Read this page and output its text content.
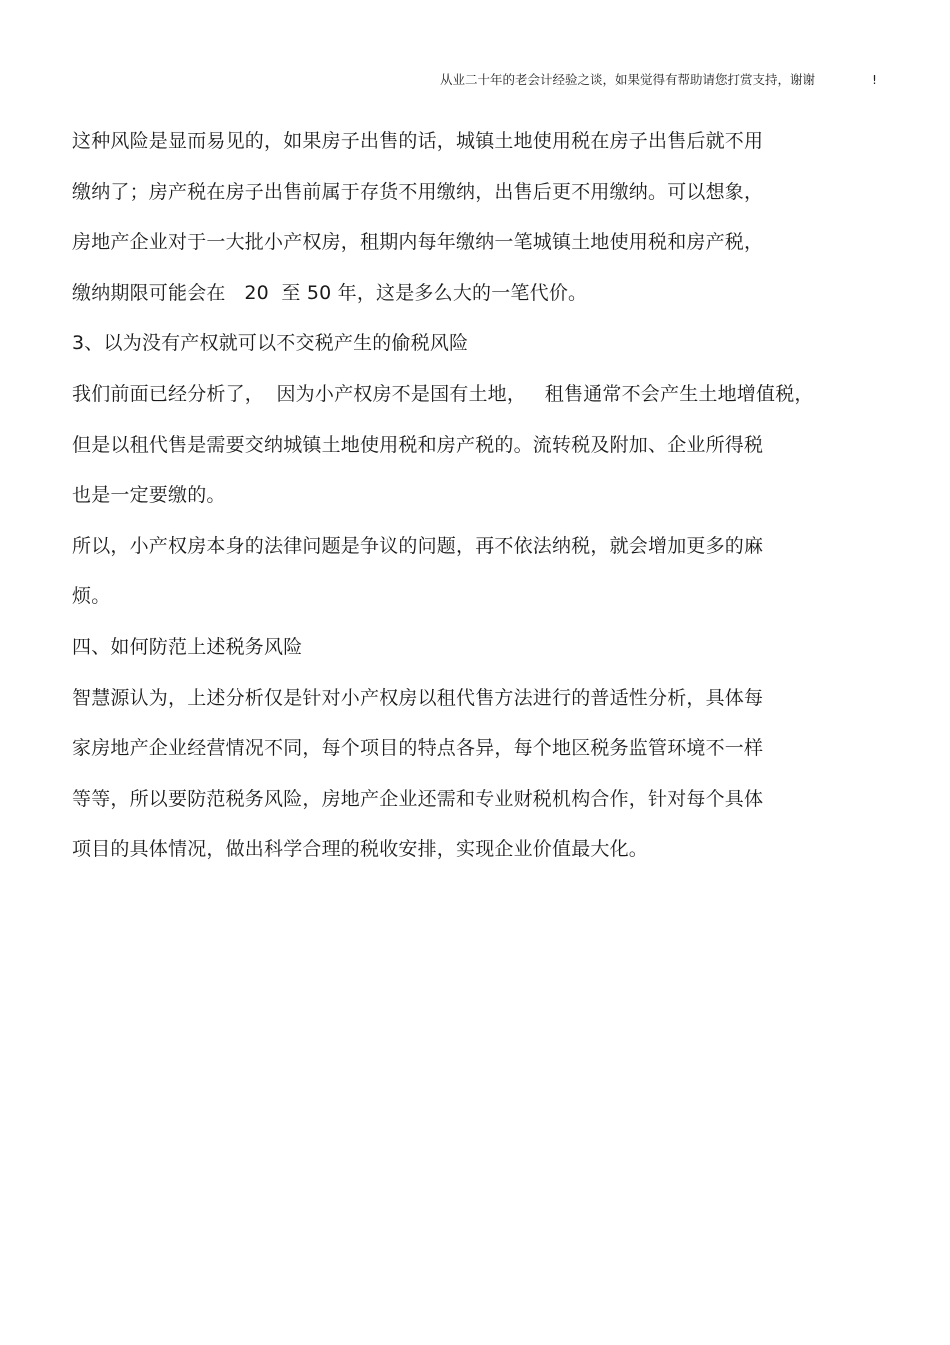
从业二十年的老会计经验之谈，如果觉得有帮助请您打赏支持，谢谢	!
这种风险是显而易见的，如果房子出售的话，城镇土地使用税在房子出售后就不用
缴纳了；房产税在房子出售前属于存货不用缴纳，出售后更不用缴纳。可以想象，
房地产企业对于一大批小产权房，租期内每年缴纳一笔城镇土地使用税和房产税，
缴纳期限可能会在   20  至 50 年，这是多么大的一笔代价。
3、以为没有产权就可以不交税产生的偷税风险
我们前面已经分析了，  因为小产权房不是国有土地，   租售通常不会产生土地增值税，
但是以租代售是需要交纳城镇土地使用税和房产税的。流转税及附加、企业所得税
也是一定要缴的。
所以，小产权房本身的法律问题是争议的问题，再不依法纳税，就会增加更多的麻
烦。
四、如何防范上述税务风险
智慧源认为，上述分析仅是针对小产权房以租代售方法进行的普适性分析，具体每
家房地产企业经营情况不同，每个项目的特点各异，每个地区税务监管环境不一样
等等，所以要防范税务风险，房地产企业还需和专业财税机构合作，针对每个具体
项目的具体情况，做出科学合理的税收安排，实现企业价值最大化。
